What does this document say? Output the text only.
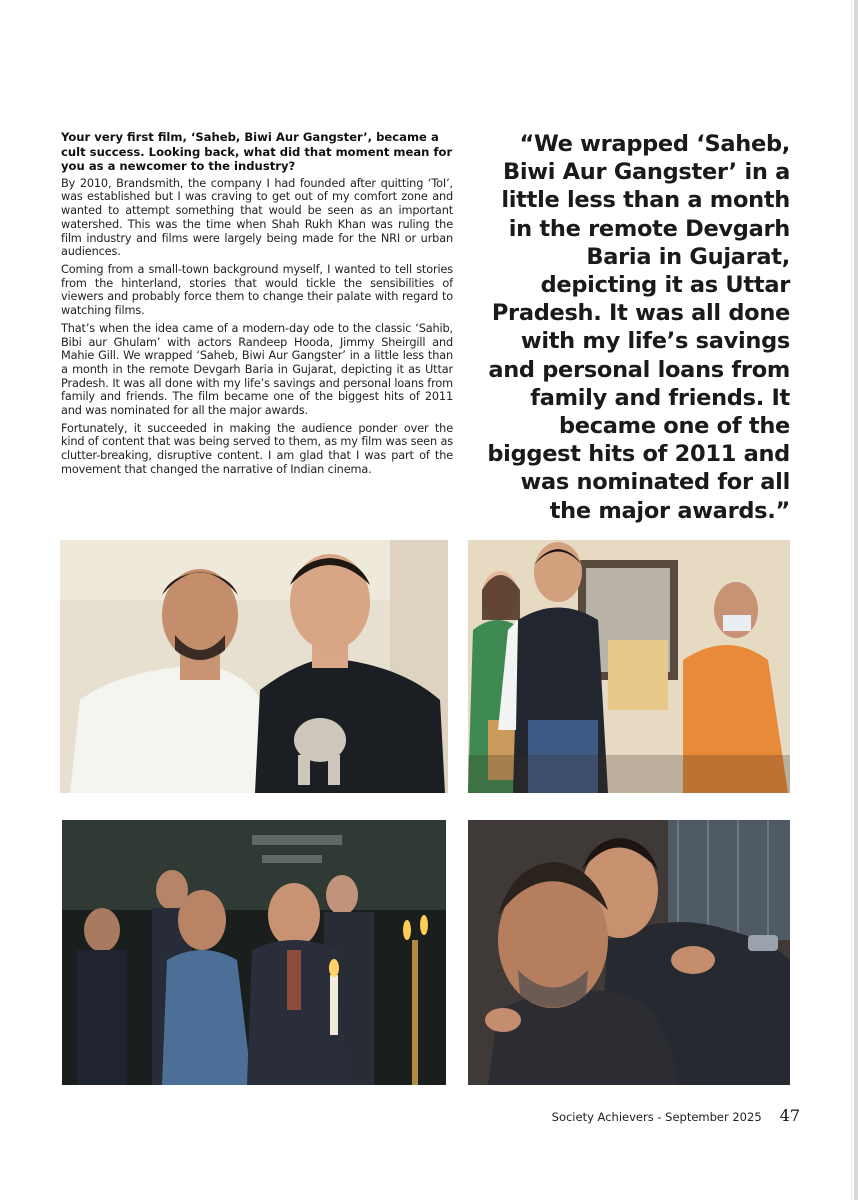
Your very first film, ‘Saheb, Biwi Aur Gangster’, became a cult success. Looking back, what did that moment mean for you as a newcomer to the industry?

By 2010, Brandsmith, the company I had founded after quitting ‘ToI’, was established but I was craving to get out of my comfort zone and wanted to attempt something that would be seen as an important watershed. This was the time when Shah Rukh Khan was ruling the film industry and films were largely being made for the NRI or urban audiences.

Coming from a small-town background myself, I wanted to tell stories from the hinterland, stories that would tickle the sensibilities of viewers and probably force them to change their palate with regard to watching films.

That’s when the idea came of a modern-day ode to the classic ‘Sahib, Bibi aur Ghulam’ with actors Randeep Hooda, Jimmy Sheirgill and Mahie Gill. We wrapped ‘Saheb, Biwi Aur Gangster’ in a little less than a month in the remote Devgarh Baria in Gujarat, depicting it as Uttar Pradesh. It was all done with my life’s savings and personal loans from family and friends. The film became one of the biggest hits of 2011 and was nominated for all the major awards.

Fortunately, it succeeded in making the audience ponder over the kind of content that was being served to them, as my film was seen as clutter-breaking, disruptive content. I am glad that I was part of the movement that changed the narrative of Indian cinema.

“We wrapped ‘Saheb, Biwi Aur Gangster’ in a little less than a month in the remote Devgarh Baria in Gujarat, depicting it as Uttar Pradesh. It was all done with my life’s savings and personal loans from family and friends. It became one of the biggest hits of 2011 and was nominated for all the major awards.”
Society Achievers - September 2025 47
